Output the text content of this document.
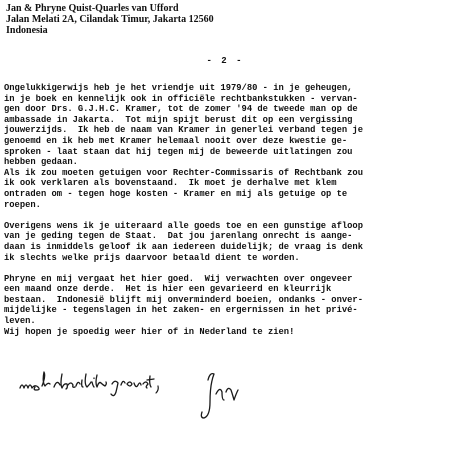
Jan & Phryne Quist-Quarles van Ufford
Jalan Melati 2A, Cilandak Timur, Jakarta 12560
Indonesia
- 2 -
Ongelukkigerwijs heb je het vriendje uit 1979/80 - in je geheugen,
in je boek en kennelijk ook in officiële rechtbankstukken - vervan-
gen door Drs. G.J.H.C. Kramer, tot de zomer '94 de tweede man op de
ambassade in Jakarta.  Tot mijn spijt berust dit op een vergissing
jouwerzijds.  Ik heb de naam van Kramer in generlei verband tegen je
genoemd en ik heb met Kramer helemaal nooit over deze kwestie ge-
sproken - laat staan dat hij tegen mij de beweerde uitlatingen zou
hebben gedaan.
Als ik zou moeten getuigen voor Rechter-Commissaris of Rechtbank zou
ik ook verklaren als bovenstaand.  Ik moet je derhalve met klem
ontraden om - tegen hoge kosten - Kramer en mij als getuige op te
roepen.
Overigens wens ik je uiteraard alle goeds toe en een gunstige afloop
van je geding tegen de Staat.  Dat jou jarenlang onrecht is aange-
daan is inmiddels geloof ik aan iedereen duidelijk; de vraag is denk
ik slechts welke prijs daarvoor betaald dient te worden.
Phryne en mij vergaat het hier goed.  Wij verwachten over ongeveer
een maand onze derde.  Het is hier een gevarieerd en kleurrijk
bestaan.  Indonesië blijft mij onverminderd boeien, ondanks - onver-
mijdelijke - tegenslagen in het zaken- en ergernissen in het privé-
leven.
Wij hopen je spoedig weer hier of in Nederland te zien!
